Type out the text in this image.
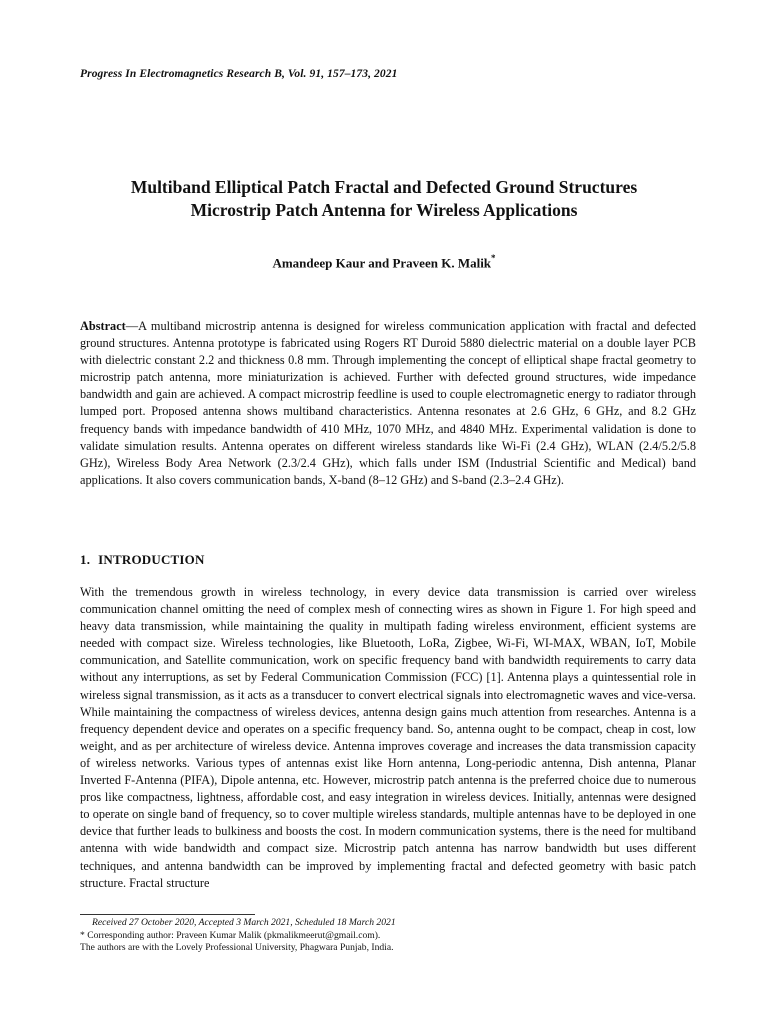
Progress In Electromagnetics Research B, Vol. 91, 157–173, 2021
Multiband Elliptical Patch Fractal and Defected Ground Structures
Microstrip Patch Antenna for Wireless Applications
Amandeep Kaur and Praveen K. Malik*
Abstract—A multiband microstrip antenna is designed for wireless communication application with fractal and defected ground structures. Antenna prototype is fabricated using Rogers RT Duroid 5880 dielectric material on a double layer PCB with dielectric constant 2.2 and thickness 0.8 mm. Through implementing the concept of elliptical shape fractal geometry to microstrip patch antenna, more miniaturization is achieved. Further with defected ground structures, wide impedance bandwidth and gain are achieved. A compact microstrip feedline is used to couple electromagnetic energy to radiator through lumped port. Proposed antenna shows multiband characteristics. Antenna resonates at 2.6 GHz, 6 GHz, and 8.2 GHz frequency bands with impedance bandwidth of 410 MHz, 1070 MHz, and 4840 MHz. Experimental validation is done to validate simulation results. Antenna operates on different wireless standards like Wi-Fi (2.4 GHz), WLAN (2.4/5.2/5.8 GHz), Wireless Body Area Network (2.3/2.4 GHz), which falls under ISM (Industrial Scientific and Medical) band applications. It also covers communication bands, X-band (8–12 GHz) and S-band (2.3–2.4 GHz).
1. INTRODUCTION
With the tremendous growth in wireless technology, in every device data transmission is carried over wireless communication channel omitting the need of complex mesh of connecting wires as shown in Figure 1. For high speed and heavy data transmission, while maintaining the quality in multipath fading wireless environment, efficient systems are needed with compact size. Wireless technologies, like Bluetooth, LoRa, Zigbee, Wi-Fi, WI-MAX, WBAN, IoT, Mobile communication, and Satellite communication, work on specific frequency band with bandwidth requirements to carry data without any interruptions, as set by Federal Communication Commission (FCC) [1]. Antenna plays a quintessential role in wireless signal transmission, as it acts as a transducer to convert electrical signals into electromagnetic waves and vice-versa. While maintaining the compactness of wireless devices, antenna design gains much attention from researches. Antenna is a frequency dependent device and operates on a specific frequency band. So, antenna ought to be compact, cheap in cost, low weight, and as per architecture of wireless device. Antenna improves coverage and increases the data transmission capacity of wireless networks. Various types of antennas exist like Horn antenna, Long-periodic antenna, Dish antenna, Planar Inverted F-Antenna (PIFA), Dipole antenna, etc. However, microstrip patch antenna is the preferred choice due to numerous pros like compactness, lightness, affordable cost, and easy integration in wireless devices. Initially, antennas were designed to operate on single band of frequency, so to cover multiple wireless standards, multiple antennas have to be deployed in one device that further leads to bulkiness and boosts the cost. In modern communication systems, there is the need for multiband antenna with wide bandwidth and compact size. Microstrip patch antenna has narrow bandwidth but uses different techniques, and antenna bandwidth can be improved by implementing fractal and defected geometry with basic patch structure. Fractal structure
Received 27 October 2020, Accepted 3 March 2021, Scheduled 18 March 2021
* Corresponding author: Praveen Kumar Malik (pkmalikmeerut@gmail.com).
The authors are with the Lovely Professional University, Phagwara Punjab, India.
